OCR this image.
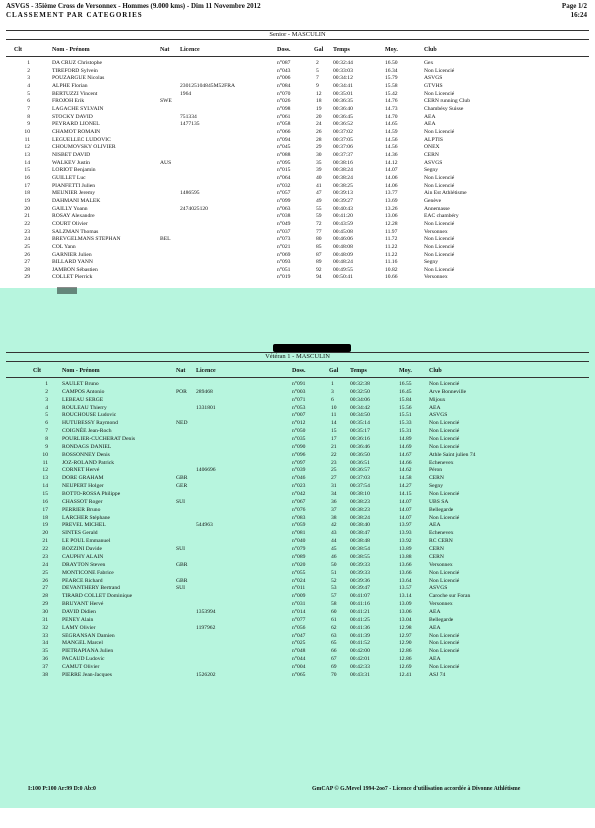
ASVGS - 35ième Cross de Versonnex - Hommes (9.000 kms) - Dim 11 Novembre 2012
CLASSEMENT PAR CATEGORIES
Page 1/2
16:24
Senior - MASCULIN
Clt	Nom - Prénom	Nat Licence	Doss.	Gal Temps	Moy.	Club
1	DA CRUZ Christophe	n°087	2	00:32:44	16.50	Gex
2	TIREFORD Sylvein	n°043	5	00:33:03	16.34	Non Licencié
3	POUZARGUE Nicolas	n°006	7	00:34:12	15.79	ASVGS
4	ALPHE Florian	230125104845M52FRA	n°084	9	00:34:41	15.58	GTVHS
5	BERTUZZI Vincent	1964	n°070	12 00:35:01	15.42	Non Licencié
6	FROJOH Erik	SWE	n°026	18 00:36:35	14.76	CERN running Club
7	LAGACHE SYLVAIN	n°098	19 00:36:40	14.73	Chambésy Suisse
8	STOCKY DAVID	751334	n°061	20 00:36:45	14.70	AEA
9	PEYRARD LIONEL	1477135	n°058	24 00:36:52	14.65	AEA
10	CHAMOT ROMAIN	n°066	26 00:37:02	14.59	Non Licencié
11	LEGUELLEC LUDOVIC	n°094	28 00:37:05	14.56	ALPTIS
12	CHOUMOVSKY OLIVIER	n°045	29 00:37:06	14.56	ONEX
13	NISBET DAVID	n°088	30 00:37:37	14.36	CERN
14	WALKEV Justin	AUS	n°095	35 00:38:16	14.12	ASVGS
15	LORIOT Benjamin	n°015	39 00:38:24	14.07	Segny
16	GUILLET Luc	n°064	40 00:38:24	14.06	Non Licencié
17	PIANFETTI Julien	n°032	41 00:38:25	14.06	Non Licencié
18	MEUNIER Jeremy	1486595	n°057	47 00:39:13	13.77	Ain Est Athlétisme
19	DAHMANI MALEK	n°099	49 00:39:27	13.69	Genève
20	GAILLY Yoann	2474025120	n°063	55 00:40:43	13.26	Annemasse
21	ROSAY Alexandre	n°038	59 00:41:20	13.06	EAC chambéry
22	COURT Olivier	n°049	72 00:43:59	12.28	Non Licencié
23	SALZMAN Thomas	n°037	77 00:45:08	11.97	Versonnex
24	BREVGELMANS STEPHAN	BEL	n°073	80 00:46:06	11.72	Non Licencié
25	COL Yann	n°021	85 00:48:08	11.22	Non Licencié
26	GARNIER Julien	n°069	87 00:48:09	11.22	Non Licencié
27	BILLARD YANN	n°093	89 00:48:24	11.16	Segny
28	JAMBON Sébastien	n°051	92 00:49:55	10.82	Non Licencié
29	COLLET Pierrick	n°019	94 00:50:41	10.66	Versonnex
Vétéran 1 - MASCULIN
Clt	Nom - Prénom	Nat Licence	Doss.	Gal Temps	Moy.	Club
1	SAULET Bruno	n°091	1	00:32:38	16.55	Non Licencié
2	CAMPOS Antonio	POR 289468	n°003	3	00:32:50	16.45	Arve Bonneville
3	LEBEAU SERGE	n°071	6	00:34:06	15.84	Mijoux
4	ROULEAU Thierry	1331801	n°053	10 00:34:42	15.56	AEA
5	ROUCHOUSE Ludovic	n°007	11 00:34:50	15.51	ASVGS
6	HUTUBESSY Raymond	NED	n°012	14 00:35:14	15.33	Non Licencié
7	COIGNÉE Jean-Roch	n°050	15 00:35:17	15.31	Non Licencié
8	POURLIER-CUCHERAT Denis	n°035	17 00:36:16	14.89	Non Licencié
9	RONDAGS DANIEL	n°090	21 00:36:46	14.69	Non Licencié
10	BOSSONNEY Denis	n°096	22 00:36:50	14.67	Athle Saint julien 74
11	JOZ-ROLAND Patrick	n°097	23 00:36:51	14.66	Echenevex
12	CORNET Hervé	1406696	n°039	25 00:36:57	14.62	Péron
13	DORE GRAHAM	GBR	n°046	27 00:37:03	14.58	CERN
14	NEUPERT Holger	GER	n°023	31 00:37:54	14.27	Segny
15	BOTTO-ROSSA Philippe	n°042	34 00:38:10	14.15	Non Licencié
16	CHASSOT Roger	SUI	n°067	36 00:38:23	14.07	UBS SA
17	PERRIER Bruno	n°076	37 00:38:23	14.07	Bellegarde
18	LARCHER Stéphane	n°083	38 00:38:24	14.07	Non Licencié
19	PREVEL MICHEL	544963	n°059	42 00:38:40	13.97	AEA
20	SINTES Gerald	n°081	43 00:38:47	13.93	Echenevex
21	LE POUL Emmanuel	n°040	44 00:38:48	13.92	RC CERN
22	BOZZINI Davide	SUI	n°079	45 00:38:54	13.89	CERN
23	CAUPHY ALAIN	n°089	46 00:38:55	13.88	CERN
24	DRAYTON Steven	GBR	n°020	50 00:39:33	13.66	Versonnex
25	MONTICONE Fabrice	n°055	51 00:39:33	13.66	Non Licencié
26	PEARCE Richard	GBR	n°024	52 00:39:36	13.64	Non Licencié
27	DEVANTHERY Bertrand	SUI	n°011	53 00:39:47	13.57	ASVGS
28	TIRARD COLLET Dominique	n°009	57 00:41:07	13.14	Caroche sur Foran
29	BRUYANT Hervé	n°031	58 00:41:16	13.09	Versonnex
30	DAVID Didien	1353994	n°014	60 00:41:21	13.06	AEA
31	PENEY Alain	n°077	61 00:41:25	13.04	Bellegarde
32	LAMY Olivier	1197962	n°056	62 00:41:36	12.98	AEA
33	SEGRANSAN Damien	n°047	63 00:41:39	12.97	Non Licencié
34	MANGEL Marcel	n°025	65 00:41:52	12.90	Non Licencié
35	PIETRAPIANA Julien	n°048	66 00:42:00	12.86	Non Licencié
36	PACAUD Ludovic	n°044	67 00:42:01	12.86	AEA
37	CAMUT Olivier	n°004	69 00:42:33	12.69	Non Licencié
38	PIERRE Jean-Jacques	1526202	n°065	70 00:43:31	12.41	ASJ 74
I:100 P:100 Ar:99 D:0 Ab:0	GmCAP © G.Mevel 1994-2oo7 - Licence d'utilisation accordée à Divonne Athlétisme
